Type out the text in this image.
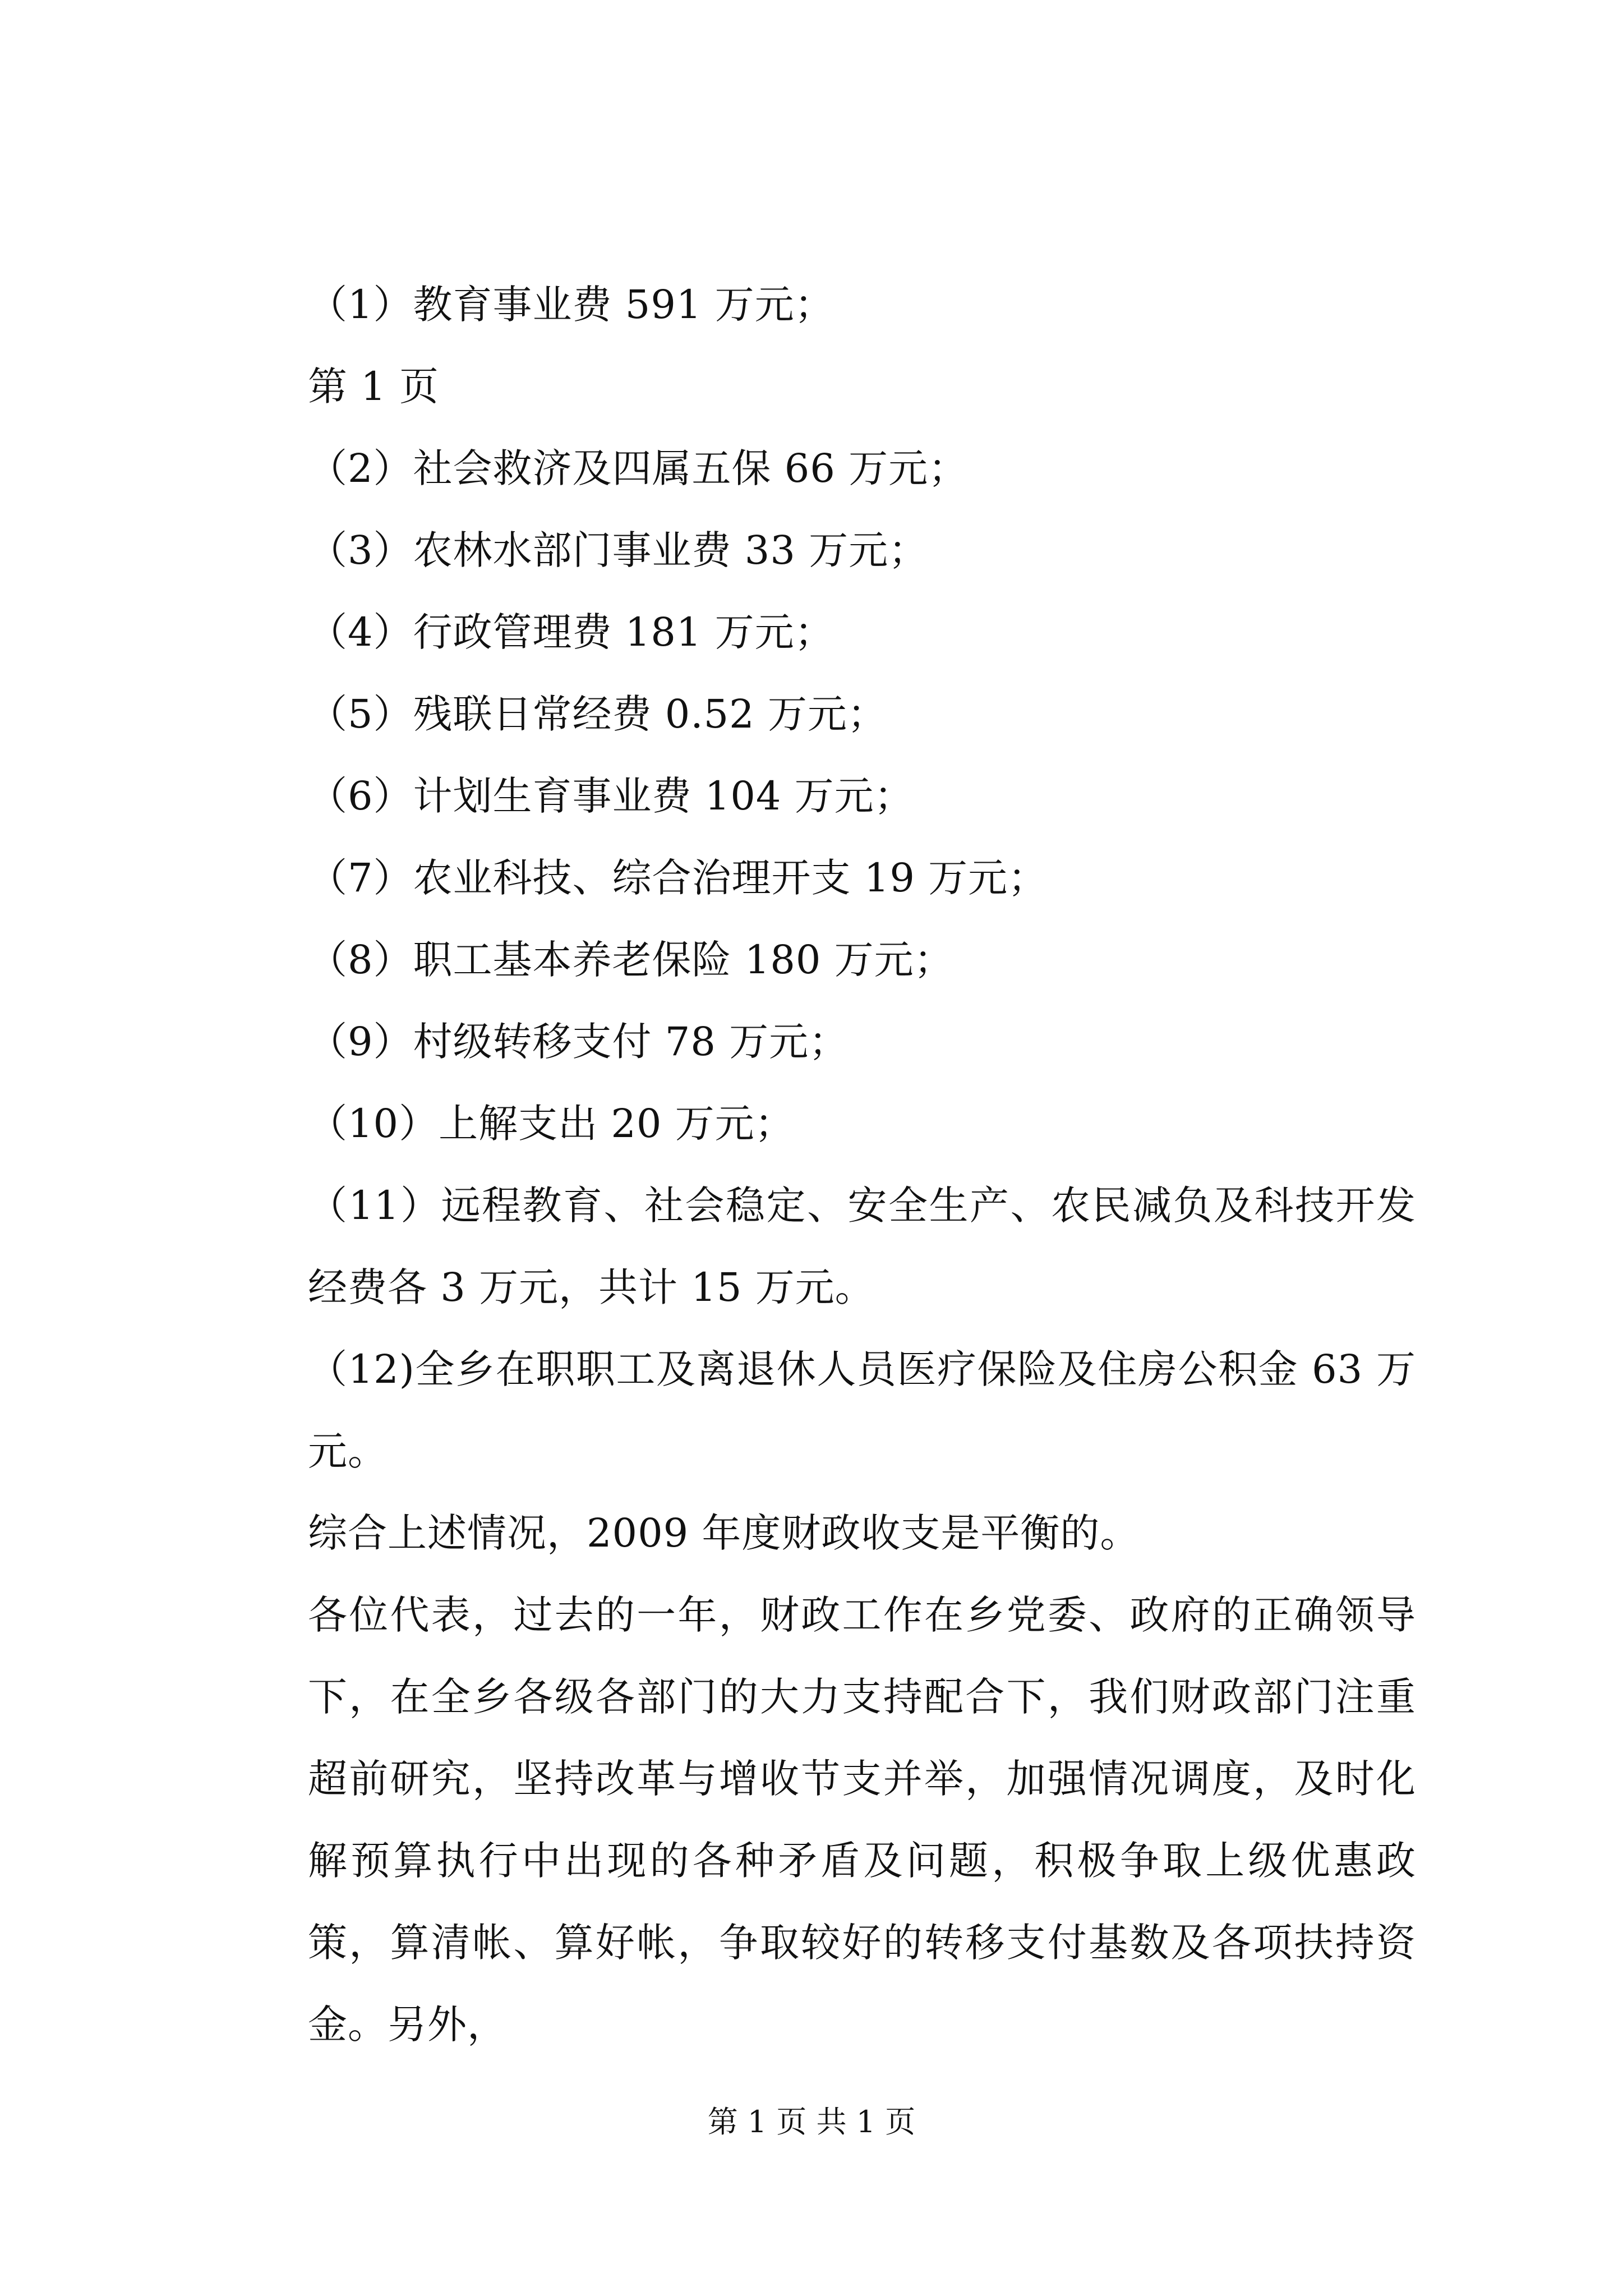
（1）教育事业费 591 万元；

第 1 页

（2）社会救济及四属五保 66 万元；

（3）农林水部门事业费 33 万元；

（4）行政管理费 181 万元；

（5）残联日常经费 0.52 万元；

（6）计划生育事业费 104 万元；

（7）农业科技、综合治理开支 19 万元；

（8）职工基本养老保险 180 万元；

（9）村级转移支付 78 万元；

（10）上解支出 20 万元；

（11）远程教育、社会稳定、安全生产、农民减负及科技开发经费各 3 万元，共计 15 万元。

（12)全乡在职职工及离退休人员医疗保险及住房公积金 63 万元。

综合上述情况，2009 年度财政收支是平衡的。

各位代表，过去的一年，财政工作在乡党委、政府的正确领导下，在全乡各级各部门的大力支持配合下，我们财政部门注重超前研究，坚持改革与增收节支并举，加强情况调度，及时化解预算执行中出现的各种矛盾及问题，积极争取上级优惠政策，算清帐、算好帐，争取较好的转移支付基数及各项扶持资金。另外，

第 1 页 共 1 页
